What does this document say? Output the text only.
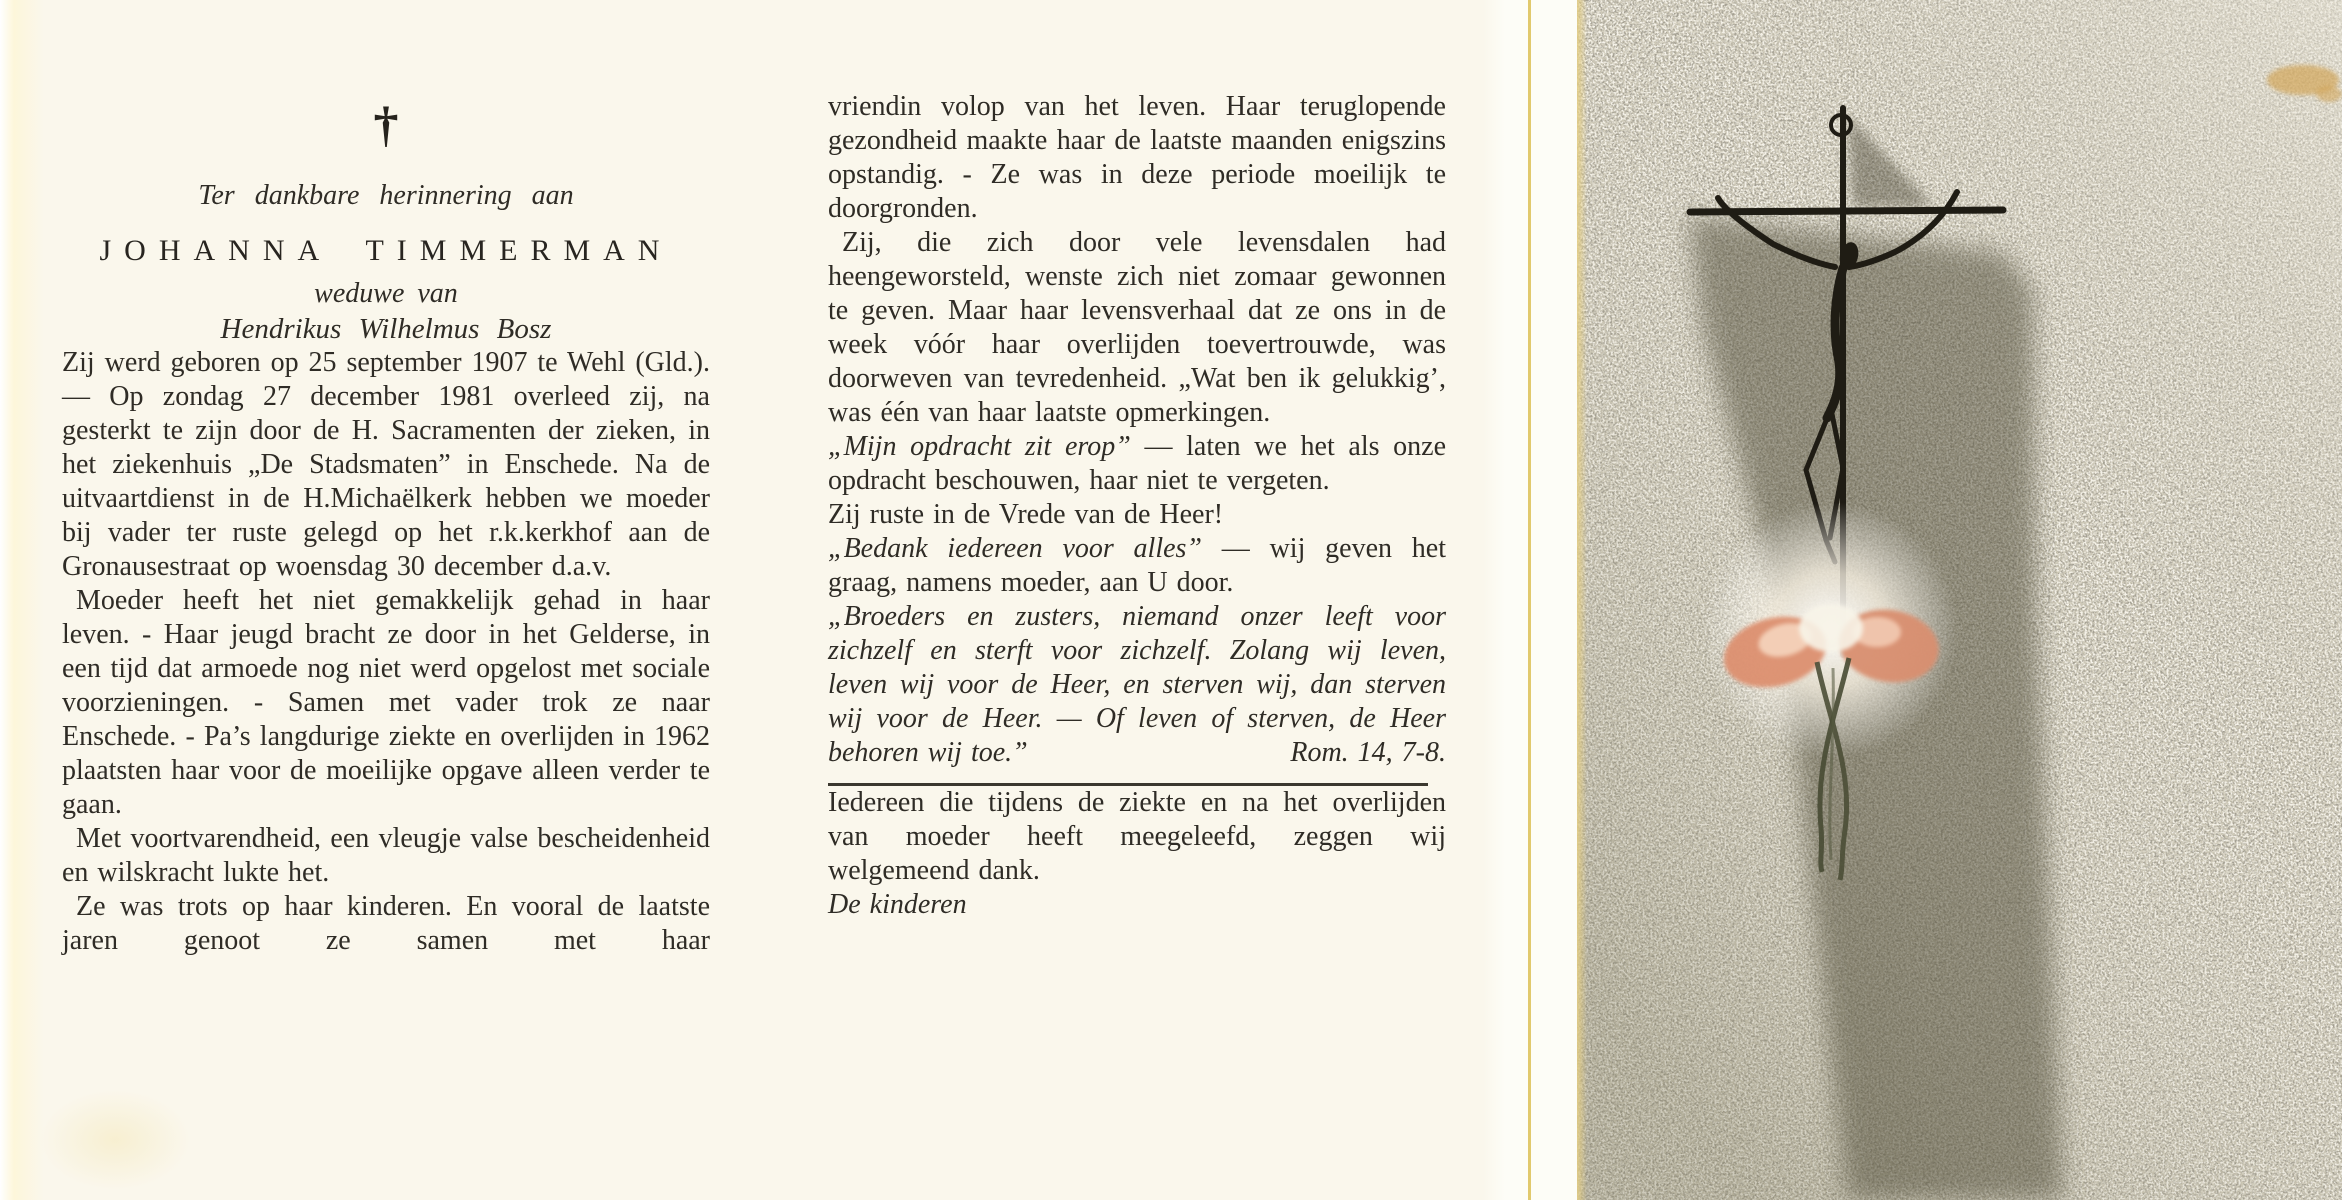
†
Ter dankbare herinnering aan
JOHANNA TIMMERMAN
weduwe van
Hendrikus Wilhelmus Bosz

Zij werd geboren op 25 september 1907 te Wehl (Gld.). — Op zondag 27 december 1981 overleed zij, na gesterkt te zijn door de H. Sacramenten der zieken, in het ziekenhuis „De Stadsmaten” in Enschede. Na de uitvaartdienst in de H.Michaëlkerk hebben we moeder bij vader ter ruste gelegd op het r.k.kerkhof aan de Gronausestraat op woensdag 30 december d.a.v.

Moeder heeft het niet gemakkelijk gehad in haar leven. - Haar jeugd bracht ze door in het Gelderse, in een tijd dat armoede nog niet werd opgelost met sociale voorzieningen. - Samen met vader trok ze naar Enschede. - Pa’s langdurige ziekte en overlijden in 1962 plaatsten haar voor de moeilijke opgave alleen verder te gaan.

Met voortvarendheid, een vleugje valse bescheidenheid en wilskracht lukte het.

Ze was trots op haar kinderen. En vooral de laatste jaren genoot ze samen met haar

vriendin volop van het leven. Haar teruglopende gezondheid maakte haar de laatste maanden enigszins opstandig. - Ze was in deze periode moeilijk te doorgronden.

Zij, die zich door vele levensdalen had heengeworsteld, wenste zich niet zomaar gewonnen te geven. Maar haar levensverhaal dat ze ons in de week vóór haar overlijden toevertrouwde, was doorweven van tevredenheid. „Wat ben ik gelukkig’, was één van haar laatste opmerkingen.

„Mijn opdracht zit erop” — laten we het als onze opdracht beschouwen, haar niet te vergeten.

Zij ruste in de Vrede van de Heer!

„Bedank iedereen voor alles” — wij geven het graag, namens moeder, aan U door.

„Broeders en zusters, niemand onzer leeft voor zichzelf en sterft voor zichzelf. Zolang wij leven, leven wij voor de Heer, en sterven wij, dan sterven wij voor de Heer. — Of leven of sterven, de Heer behoren wij toe.”	Rom. 14, 7-8.

Iedereen die tijdens de ziekte en na het overlijden van moeder heeft meegeleefd, zeggen wij welgemeend dank.

De kinderen
